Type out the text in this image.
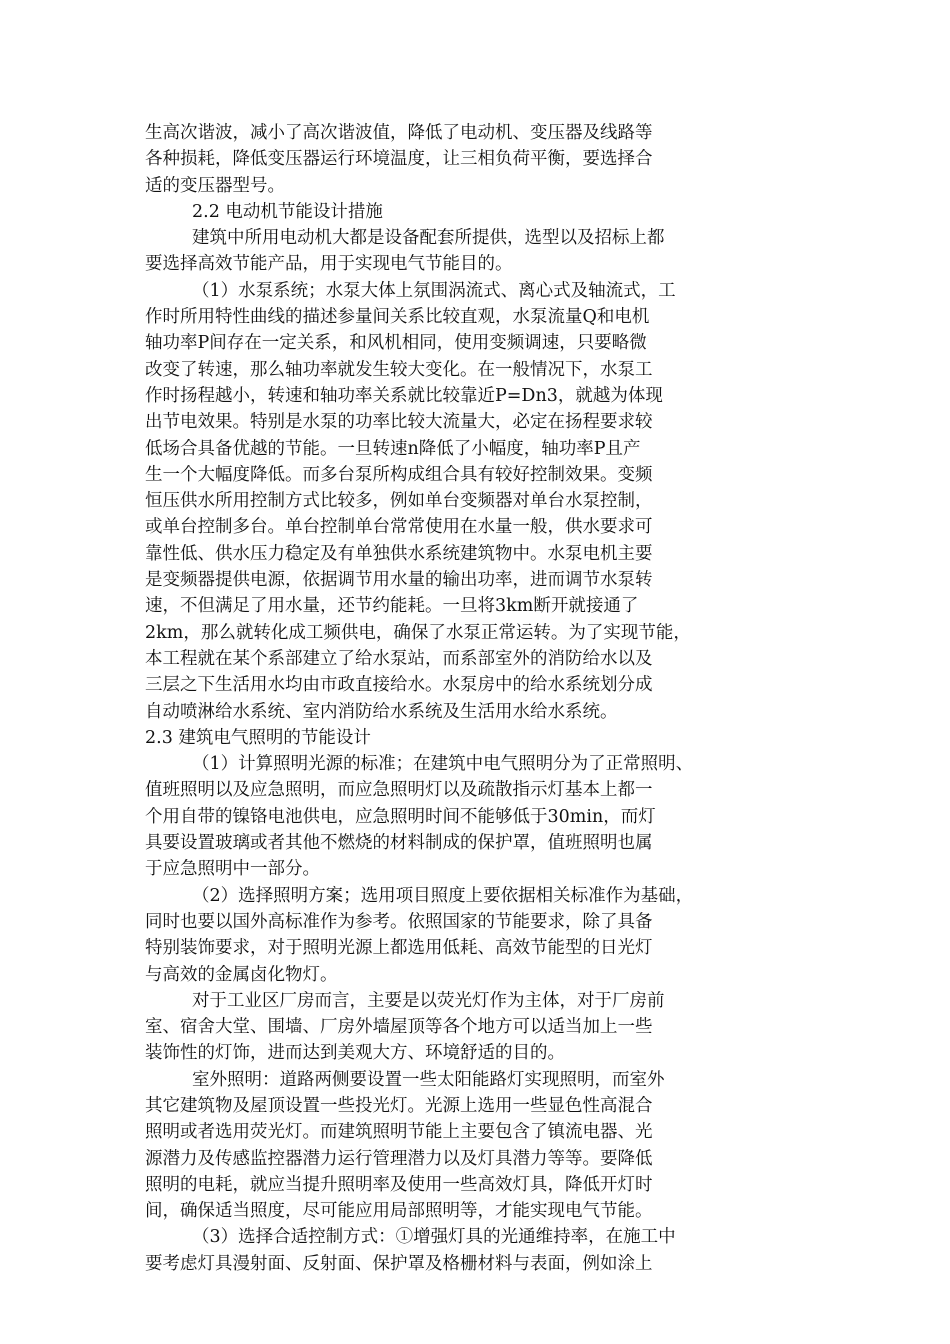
生高次谐波，减小了高次谐波值，降低了电动机、变压器及线路等
各种损耗，降低变压器运行环境温度，让三相负荷平衡，要选择合
适的变压器型号。
2.2 电动机节能设计措施
建筑中所用电动机大都是设备配套所提供，选型以及招标上都
要选择高效节能产品，用于实现电气节能目的。
（1）水泵系统；水泵大体上氛围涡流式、离心式及轴流式，工
作时所用特性曲线的描述参量间关系比较直观，水泵流量Q和电机
轴功率P间存在一定关系，和风机相同，使用变频调速，只要略微
改变了转速，那么轴功率就发生较大变化。在一般情况下，水泵工
作时扬程越小，转速和轴功率关系就比较靠近P=Dn3，就越为体现
出节电效果。特别是水泵的功率比较大流量大，必定在扬程要求较
低场合具备优越的节能。一旦转速n降低了小幅度，轴功率P且产
生一个大幅度降低。而多台泵所构成组合具有较好控制效果。变频
恒压供水所用控制方式比较多，例如单台变频器对单台水泵控制，
或单台控制多台。单台控制单台常常使用在水量一般，供水要求可
靠性低、供水压力稳定及有单独供水系统建筑物中。水泵电机主要
是变频器提供电源，依据调节用水量的输出功率，进而调节水泵转
速，不但满足了用水量，还节约能耗。一旦将3km断开就接通了
2km，那么就转化成工频供电，确保了水泵正常运转。为了实现节能，
本工程就在某个系部建立了给水泵站，而系部室外的消防给水以及
三层之下生活用水均由市政直接给水。水泵房中的给水系统划分成
自动喷淋给水系统、室内消防给水系统及生活用水给水系统。
2.3 建筑电气照明的节能设计
（1）计算照明光源的标准；在建筑中电气照明分为了正常照明、
值班照明以及应急照明，而应急照明灯以及疏散指示灯基本上都一
个用自带的镍铬电池供电，应急照明时间不能够低于30min，而灯
具要设置玻璃或者其他不燃烧的材料制成的保护罩，值班照明也属
于应急照明中一部分。
（2）选择照明方案；选用项目照度上要依据相关标准作为基础，
同时也要以国外高标准作为参考。依照国家的节能要求，除了具备
特别装饰要求，对于照明光源上都选用低耗、高效节能型的日光灯
与高效的金属卤化物灯。
对于工业区厂房而言，主要是以荧光灯作为主体，对于厂房前
室、宿舍大堂、围墙、厂房外墙屋顶等各个地方可以适当加上一些
装饰性的灯饰，进而达到美观大方、环境舒适的目的。
室外照明：道路两侧要设置一些太阳能路灯实现照明，而室外
其它建筑物及屋顶设置一些投光灯。光源上选用一些显色性高混合
照明或者选用荧光灯。而建筑照明节能上主要包含了镇流电器、光
源潜力及传感监控器潜力运行管理潜力以及灯具潜力等等。要降低
照明的电耗，就应当提升照明率及使用一些高效灯具，降低开灯时
间，确保适当照度，尽可能应用局部照明等，才能实现电气节能。
（3）选择合适控制方式：①增强灯具的光通维持率，在施工中
要考虑灯具漫射面、反射面、保护罩及格栅材料与表面，例如涂上
